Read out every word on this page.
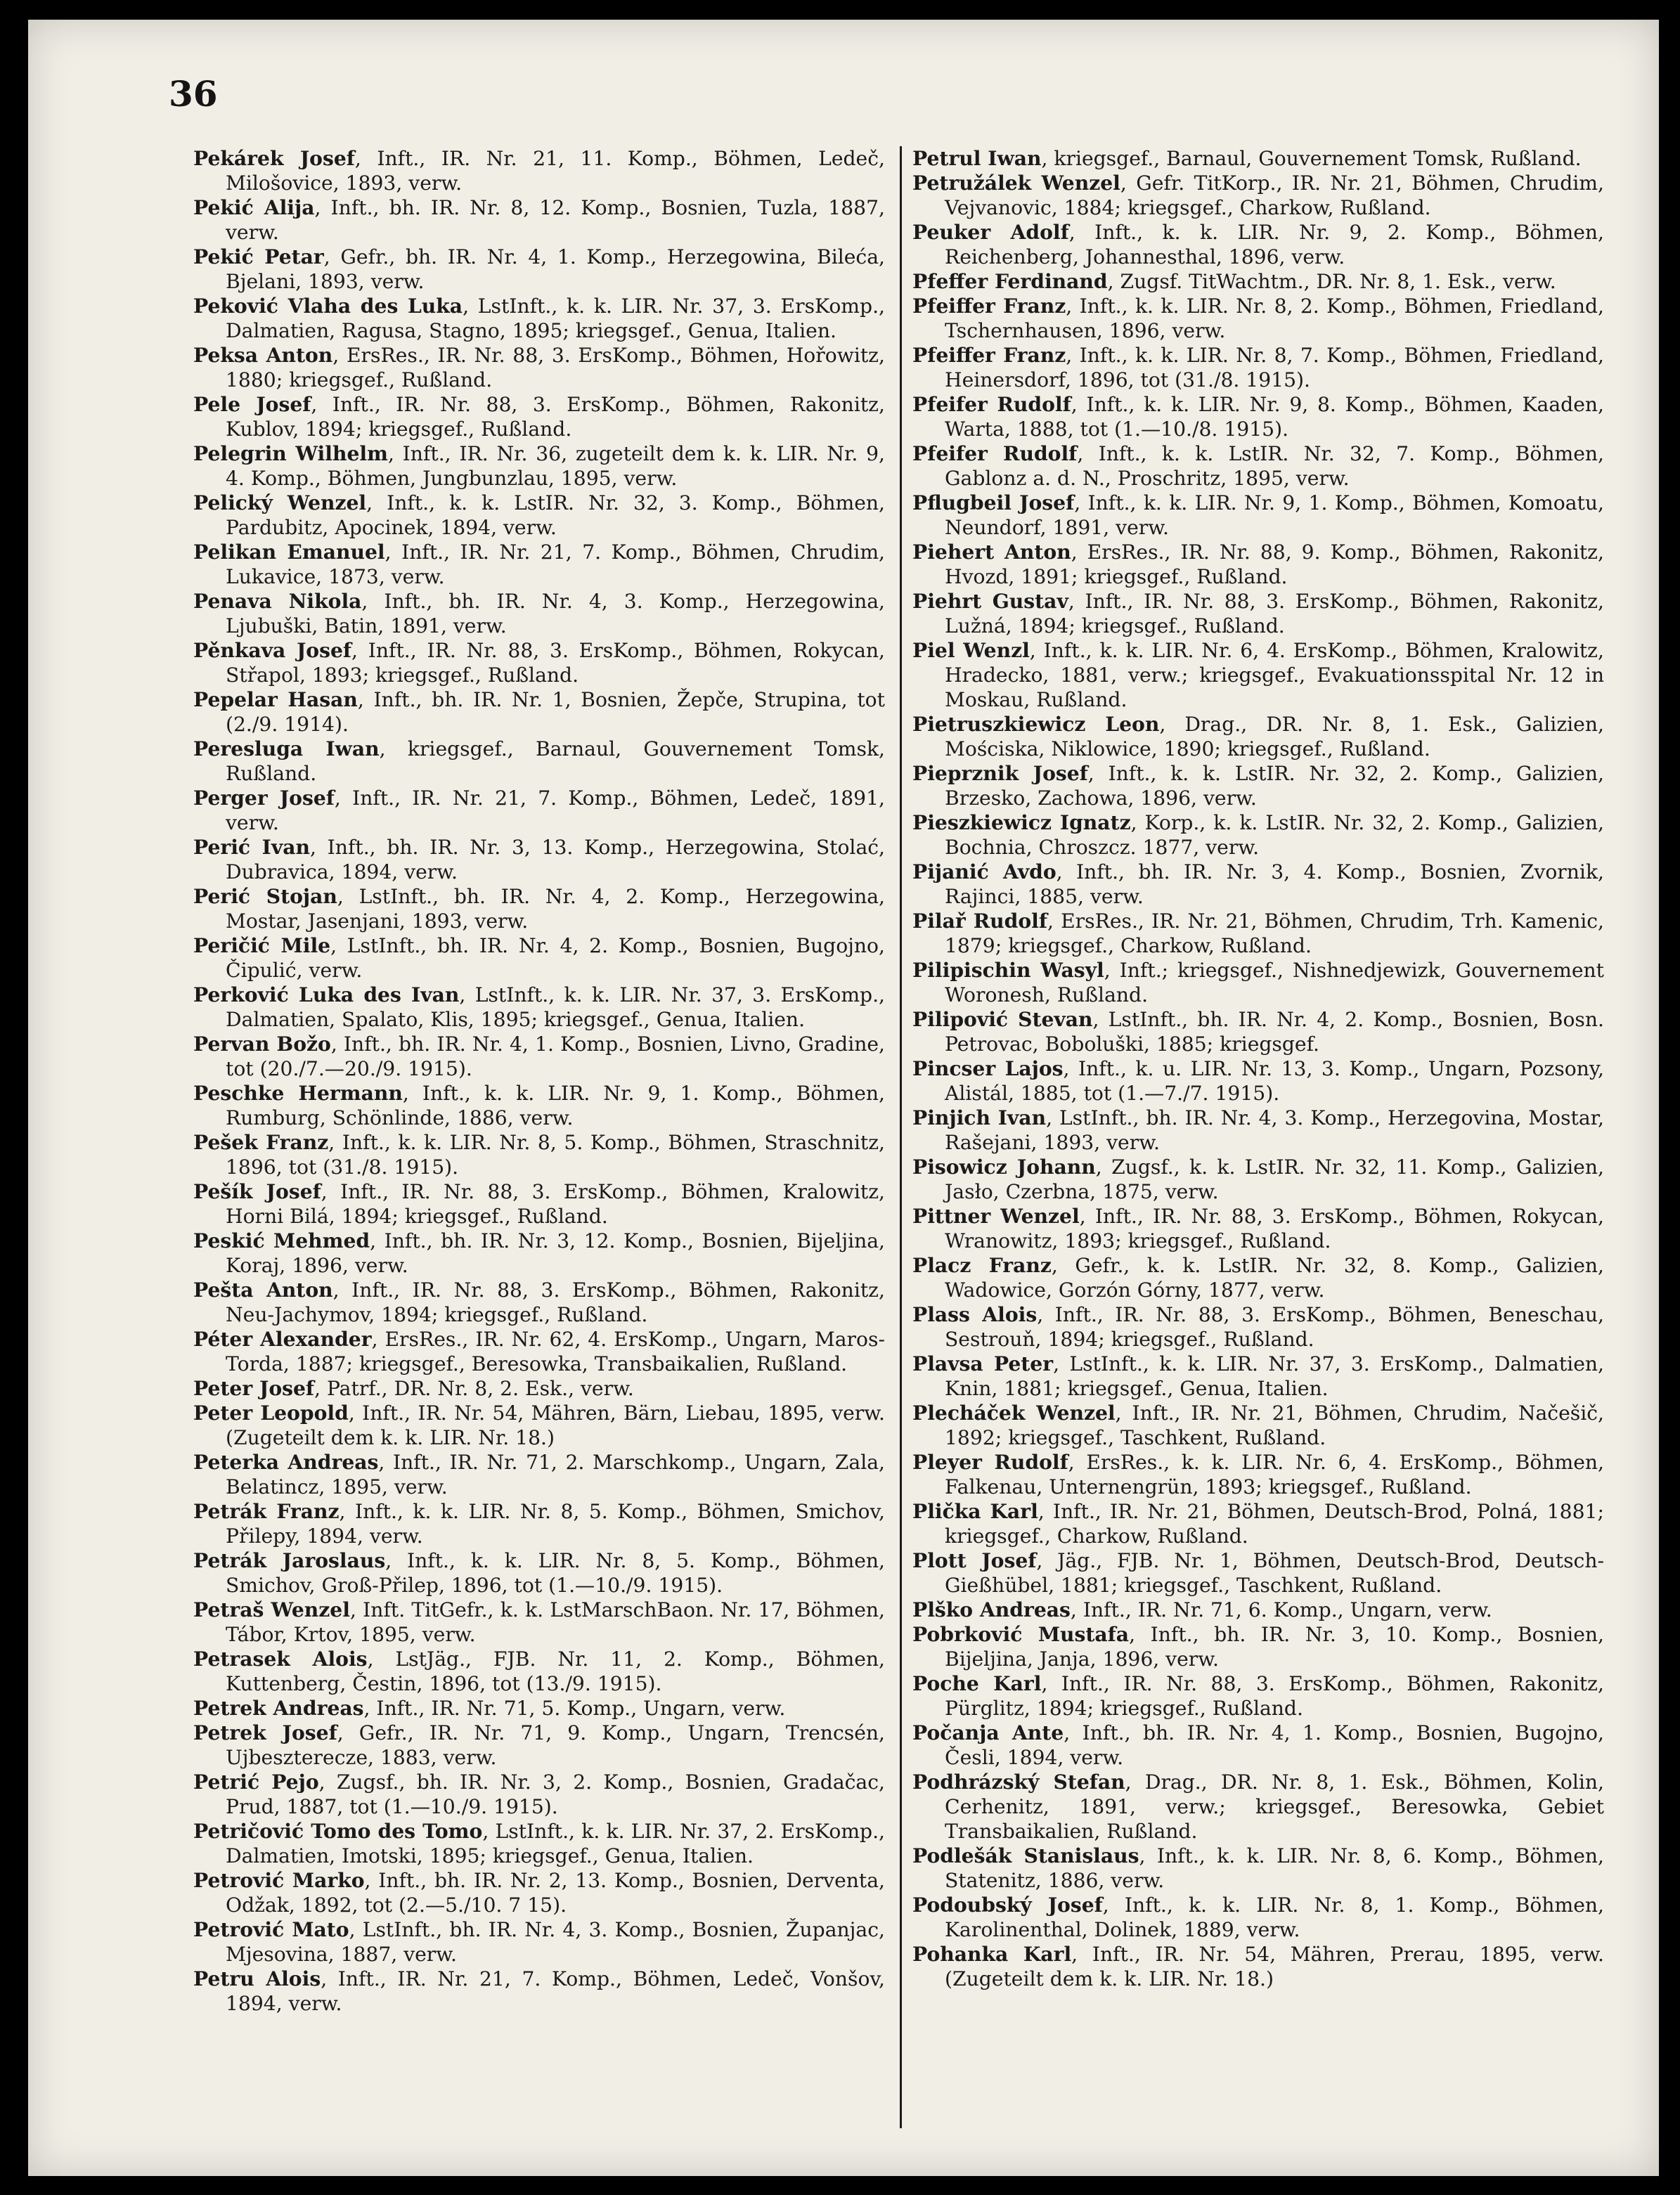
36

Pekárek Josef, Inft., IR. Nr. 21, 11. Komp., Böhmen, Ledeč, Milošovice, 1893, verw.

Pekić Alija, Inft., bh. IR. Nr. 8, 12. Komp., Bosnien, Tuzla, 1887, verw.

Pekić Petar, Gefr., bh. IR. Nr. 4, 1. Komp., Herzegowina, Bileća, Bjelani, 1893, verw.

Peković Vlaha des Luka, LstInft., k. k. LIR. Nr. 37, 3. ErsKomp., Dalmatien, Ragusa, Stagno, 1895; kriegsgef., Genua, Italien.

Peksa Anton, ErsRes., IR. Nr. 88, 3. ErsKomp., Böhmen, Hořowitz, 1880; kriegsgef., Rußland.

Pele Josef, Inft., IR. Nr. 88, 3. ErsKomp., Böhmen, Rakonitz, Kublov, 1894; kriegsgef., Rußland.

Pelegrin Wilhelm, Inft., IR. Nr. 36, zugeteilt dem k. k. LIR. Nr. 9, 4. Komp., Böhmen, Jungbunzlau, 1895, verw.

Pelický Wenzel, Inft., k. k. LstIR. Nr. 32, 3. Komp., Böhmen, Pardubitz, Apocinek, 1894, verw.

Pelikan Emanuel, Inft., IR. Nr. 21, 7. Komp., Böhmen, Chrudim, Lukavice, 1873, verw.

Penava Nikola, Inft., bh. IR. Nr. 4, 3. Komp., Herzegowina, Ljubuški, Batin, 1891, verw.

Pěnkava Josef, Inft., IR. Nr. 88, 3. ErsKomp., Böhmen, Rokycan, Střapol, 1893; kriegsgef., Rußland.

Pepelar Hasan, Inft., bh. IR. Nr. 1, Bosnien, Žepče, Strupina, tot (2./9. 1914).

Peresluga Iwan, kriegsgef., Barnaul, Gouvernement Tomsk, Rußland.

Perger Josef, Inft., IR. Nr. 21, 7. Komp., Böhmen, Ledeč, 1891, verw.

Perić Ivan, Inft., bh. IR. Nr. 3, 13. Komp., Herzegowina, Stolać, Dubravica, 1894, verw.

Perić Stojan, LstInft., bh. IR. Nr. 4, 2. Komp., Herzegowina, Mostar, Jasenjani, 1893, verw.

Peričić Mile, LstInft., bh. IR. Nr. 4, 2. Komp., Bosnien, Bugojno, Čipulić, verw.

Perković Luka des Ivan, LstInft., k. k. LIR. Nr. 37, 3. ErsKomp., Dalmatien, Spalato, Klis, 1895; kriegsgef., Genua, Italien.

Pervan Božo, Inft., bh. IR. Nr. 4, 1. Komp., Bosnien, Livno, Gradine, tot (20./7.—20./9. 1915).

Peschke Hermann, Inft., k. k. LIR. Nr. 9, 1. Komp., Böhmen, Rumburg, Schönlinde, 1886, verw.

Pešek Franz, Inft., k. k. LIR. Nr. 8, 5. Komp., Böhmen, Straschnitz, 1896, tot (31./8. 1915).

Pešík Josef, Inft., IR. Nr. 88, 3. ErsKomp., Böhmen, Kralowitz, Horni Bilá, 1894; kriegsgef., Rußland.

Peskić Mehmed, Inft., bh. IR. Nr. 3, 12. Komp., Bosnien, Bijeljina, Koraj, 1896, verw.

Pešta Anton, Inft., IR. Nr. 88, 3. ErsKomp., Böhmen, Rakonitz, Neu-Jachymov, 1894; kriegsgef., Rußland.

Péter Alexander, ErsRes., IR. Nr. 62, 4. ErsKomp., Ungarn, Maros-Torda, 1887; kriegsgef., Beresowka, Transbaikalien, Rußland.

Peter Josef, Patrf., DR. Nr. 8, 2. Esk., verw.

Peter Leopold, Inft., IR. Nr. 54, Mähren, Bärn, Liebau, 1895, verw. (Zugeteilt dem k. k. LIR. Nr. 18.)

Peterka Andreas, Inft., IR. Nr. 71, 2. Marschkomp., Ungarn, Zala, Belatincz, 1895, verw.

Petrák Franz, Inft., k. k. LIR. Nr. 8, 5. Komp., Böhmen, Smichov, Přilepy, 1894, verw.

Petrák Jaroslaus, Inft., k. k. LIR. Nr. 8, 5. Komp., Böhmen, Smichov, Groß-Přilep, 1896, tot (1.—10./9. 1915).

Petraš Wenzel, Inft. TitGefr., k. k. LstMarschBaon. Nr. 17, Böhmen, Tábor, Krtov, 1895, verw.

Petrasek Alois, LstJäg., FJB. Nr. 11, 2. Komp., Böhmen, Kuttenberg, Čestin, 1896, tot (13./9. 1915).

Petrek Andreas, Inft., IR. Nr. 71, 5. Komp., Ungarn, verw.

Petrek Josef, Gefr., IR. Nr. 71, 9. Komp., Ungarn, Trencsén, Ujbeszterecze, 1883, verw.

Petrić Pejo, Zugsf., bh. IR. Nr. 3, 2. Komp., Bosnien, Gradačac, Prud, 1887, tot (1.—10./9. 1915).

Petričović Tomo des Tomo, LstInft., k. k. LIR. Nr. 37, 2. ErsKomp., Dalmatien, Imotski, 1895; kriegsgef., Genua, Italien.

Petrović Marko, Inft., bh. IR. Nr. 2, 13. Komp., Bosnien, Derventa, Odžak, 1892, tot (2.—5./10. 7 15).

Petrović Mato, LstInft., bh. IR. Nr. 4, 3. Komp., Bosnien, Županjac, Mjesovina, 1887, verw.

Petru Alois, Inft., IR. Nr. 21, 7. Komp., Böhmen, Ledeč, Vonšov, 1894, verw.

Petrul Iwan, kriegsgef., Barnaul, Gouvernement Tomsk, Rußland.

Petružálek Wenzel, Gefr. TitKorp., IR. Nr. 21, Böhmen, Chrudim, Vejvanovic, 1884; kriegsgef., Charkow, Rußland.

Peuker Adolf, Inft., k. k. LIR. Nr. 9, 2. Komp., Böhmen, Reichenberg, Johannesthal, 1896, verw.

Pfeffer Ferdinand, Zugsf. TitWachtm., DR. Nr. 8, 1. Esk., verw.

Pfeiffer Franz, Inft., k. k. LIR. Nr. 8, 2. Komp., Böhmen, Friedland, Tschernhausen, 1896, verw.

Pfeiffer Franz, Inft., k. k. LIR. Nr. 8, 7. Komp., Böhmen, Friedland, Heinersdorf, 1896, tot (31./8. 1915).

Pfeifer Rudolf, Inft., k. k. LIR. Nr. 9, 8. Komp., Böhmen, Kaaden, Warta, 1888, tot (1.—10./8. 1915).

Pfeifer Rudolf, Inft., k. k. LstIR. Nr. 32, 7. Komp., Böhmen, Gablonz a. d. N., Proschritz, 1895, verw.

Pflugbeil Josef, Inft., k. k. LIR. Nr. 9, 1. Komp., Böhmen, Komoatu, Neundorf, 1891, verw.

Piehert Anton, ErsRes., IR. Nr. 88, 9. Komp., Böhmen, Rakonitz, Hvozd, 1891; kriegsgef., Rußland.

Piehrt Gustav, Inft., IR. Nr. 88, 3. ErsKomp., Böhmen, Rakonitz, Lužná, 1894; kriegsgef., Rußland.

Piel Wenzl, Inft., k. k. LIR. Nr. 6, 4. ErsKomp., Böhmen, Kralowitz, Hradecko, 1881, verw.; kriegsgef., Evakuationsspital Nr. 12 in Moskau, Rußland.

Pietruszkiewicz Leon, Drag., DR. Nr. 8, 1. Esk., Galizien, Mościska, Niklowice, 1890; kriegsgef., Rußland.

Pieprznik Josef, Inft., k. k. LstIR. Nr. 32, 2. Komp., Galizien, Brzesko, Zachowa, 1896, verw.

Pieszkiewicz Ignatz, Korp., k. k. LstIR. Nr. 32, 2. Komp., Galizien, Bochnia, Chroszcz. 1877, verw.

Pijanić Avdo, Inft., bh. IR. Nr. 3, 4. Komp., Bosnien, Zvornik, Rajinci, 1885, verw.

Pilař Rudolf, ErsRes., IR. Nr. 21, Böhmen, Chrudim, Trh. Kamenic, 1879; kriegsgef., Charkow, Rußland.

Pilipischin Wasyl, Inft.; kriegsgef., Nishnedjewizk, Gouvernement Woronesh, Rußland.

Pilipović Stevan, LstInft., bh. IR. Nr. 4, 2. Komp., Bosnien, Bosn. Petrovac, Boboluški, 1885; kriegsgef.

Pincser Lajos, Inft., k. u. LIR. Nr. 13, 3. Komp., Ungarn, Pozsony, Alistál, 1885, tot (1.—7./7. 1915).

Pinjich Ivan, LstInft., bh. IR. Nr. 4, 3. Komp., Herzegovina, Mostar, Rašejani, 1893, verw.

Pisowicz Johann, Zugsf., k. k. LstIR. Nr. 32, 11. Komp., Galizien, Jasło, Czerbna, 1875, verw.

Pittner Wenzel, Inft., IR. Nr. 88, 3. ErsKomp., Böhmen, Rokycan, Wranowitz, 1893; kriegsgef., Rußland.

Placz Franz, Gefr., k. k. LstIR. Nr. 32, 8. Komp., Galizien, Wadowice, Gorzón Górny, 1877, verw.

Plass Alois, Inft., IR. Nr. 88, 3. ErsKomp., Böhmen, Beneschau, Sestrouň, 1894; kriegsgef., Rußland.

Plavsa Peter, LstInft., k. k. LIR. Nr. 37, 3. ErsKomp., Dalmatien, Knin, 1881; kriegsgef., Genua, Italien.

Plecháček Wenzel, Inft., IR. Nr. 21, Böhmen, Chrudim, Načešič, 1892; kriegsgef., Taschkent, Rußland.

Pleyer Rudolf, ErsRes., k. k. LIR. Nr. 6, 4. ErsKomp., Böhmen, Falkenau, Unternengrün, 1893; kriegsgef., Rußland.

Plička Karl, Inft., IR. Nr. 21, Böhmen, Deutsch-Brod, Polná, 1881; kriegsgef., Charkow, Rußland.

Plott Josef, Jäg., FJB. Nr. 1, Böhmen, Deutsch-Brod, Deutsch-Gießhübel, 1881; kriegsgef., Taschkent, Rußland.

Plško Andreas, Inft., IR. Nr. 71, 6. Komp., Ungarn, verw.

Pobrković Mustafa, Inft., bh. IR. Nr. 3, 10. Komp., Bosnien, Bijeljina, Janja, 1896, verw.

Poche Karl, Inft., IR. Nr. 88, 3. ErsKomp., Böhmen, Rakonitz, Pürglitz, 1894; kriegsgef., Rußland.

Počanja Ante, Inft., bh. IR. Nr. 4, 1. Komp., Bosnien, Bugojno, Česli, 1894, verw.

Podhrázský Stefan, Drag., DR. Nr. 8, 1. Esk., Böhmen, Kolin, Cerhenitz, 1891, verw.; kriegsgef., Beresowka, Gebiet Transbaikalien, Rußland.

Podlešák Stanislaus, Inft., k. k. LIR. Nr. 8, 6. Komp., Böhmen, Statenitz, 1886, verw.

Podoubský Josef, Inft., k. k. LIR. Nr. 8, 1. Komp., Böhmen, Karolinenthal, Dolinek, 1889, verw.

Pohanka Karl, Inft., IR. Nr. 54, Mähren, Prerau, 1895, verw. (Zugeteilt dem k. k. LIR. Nr. 18.)
